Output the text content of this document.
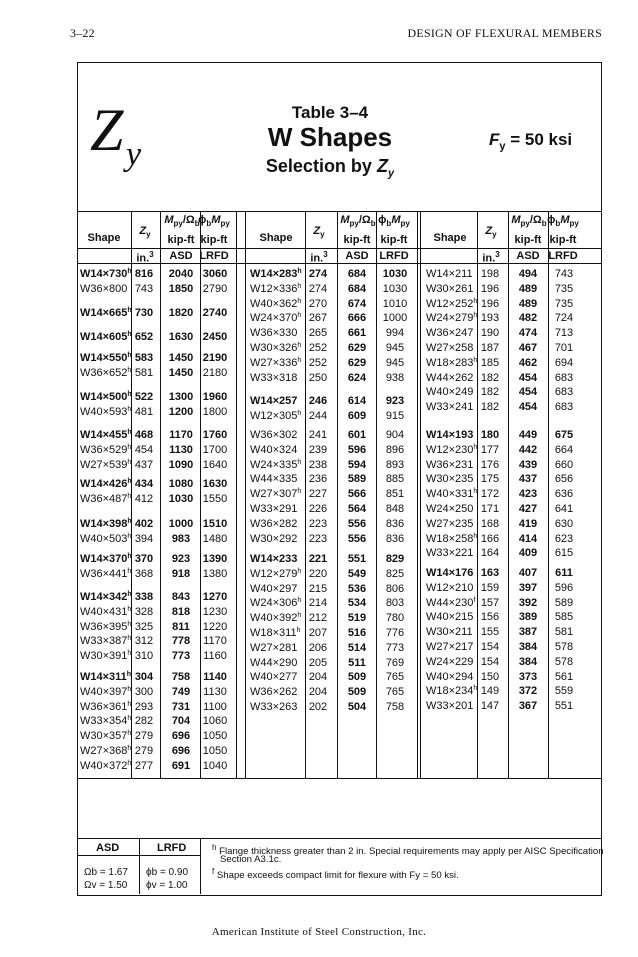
3–22	DESIGN OF FLEXURAL MEMBERS
Z y
Table 3–4
W Shapes
Selection by $Z_y$
$F_y = 50$ ksi
Shape
$Z_y$
in.$^3$
$M_{py}/\Omega_b$
$\phi_bM_{py}$
kip-ft kip-ft
ASD LRFD
Shape
$Z_y$
in.$^3$
$M_{py}/\Omega_b$ $\phi_bM_{py}$
kip-ft kip-ft
ASD LRFD
Shape
$Z_y$
in.$^3$
$M_{py}/\Omega_b$ $\phi_bM_{py}$
kip-ft kip-ft
ASD LRFD
$W14\times 730^h$ 816	2040 3060
W36×800 743	1850 2790
$W14\times 665^h$ 730	1820 2740
$W14\times 605^h$ 652	1630 2450
$W14\times 550^h$ 583	1450 2190
$W36\times 652^h$ 581	1450 2180
$W14\times 500^h$ 522	1300 1960
$W40\times 593^h$ 481	1200 1800
$W14\times 455^h$ 468	1170 1760
$W36\times 529^h$ 454	1130 1700
$W27\times 539^h$ 437	1090 1640
$W14\times 426^h$ 434	1080 1630
$W36\times 487^h$ 412	1030 1550
$W14\times 398^h$ 402	1000 1510
$W40\times 503^h$ 394	983	1480
$W14\times 370^h$ 370	923	1390
$W36\times 441^h$ 368	918	1380
$W14\times 342^h$ 338	843	1270
$W40\times 431^h$ 328	818	1230
$W36\times 395^h$ 325	811	1220
$W33\times 387^h$ 312	778	1170
$W30\times 391^h$ 310	773	1160
$W14\times 311^h$ 304	758	1140
$W40\times 397^h$ 300	749	1130
$W36\times 361^h$ 293	731	1100
$W33\times 354^h$ 282	704	1060
$W30\times 357^h$ 279	696	1050
$W27\times 368^h$ 279	696	1050
$W40\times 372^h$ 277	691	1040
$W14\times 283^h$ 274	684	1030
$W12\times 336^h$ 274	684	1030
$W40\times 362^h$ 270	674	1010
$W24\times 370^h$ 267	666	1000
W36×330	265	661	994
$W30\times 326^h$ 252	629	945
$W27\times 336^h$ 252	629	945
W33×318	250	624	938
W14×257	246	614	923
$W12\times 305^h$ 244	609	915
W36×302	241	601	904
W40×324	239	596	896
$W24\times 335^h$ 238	594	893
W44×335	236	589	885
$W27\times 307^h$ 227	566	851
W33×291	226	564	848
W36×282	223	556	836
W30×292	223	556	836
W14×233	221	551	829
$W12\times 279^h$ 220	549	825
W40×297	215	536	806
$W24\times 306^h$ 214	534	803
$W40\times 392^h$ 212	519	780
$W18\times 311^h$ 207	516	776
W27×281	206	514	773
W44×290	205	511	769
W40×277	204	509	765
W36×262	204	509	765
W33×263	202	504	758
W14×211 198	494	743
W30×261 196	489	735
$W12\times 252^h$ 196	489	735
$W24\times 279^h$ 193	482	724
W36×247 190	474	713
W27×258 187	467	701
$W18\times 283^h$ 185	462	694
W44×262 182	454	683
W40×249 182	454	683
W33×241 182	454	683
W14×193 180	449	675
$W12\times 230^h$ 177	442	664
W36×231 176	439	660
W30×235 175	437	656
$W40\times 331^h$ 172	423	636
W24×250 171	427	641
W27×235 168	419	630
$W18\times 258^h$ 166	414	623
W33×221 164	409	615
W14×176 163	407	611
W12×210 159	397	596
$W44\times 230^f$ 157	392	589
W40×215 156	389	585
W30×211 155	387	581
W27×217 154	384	578
W24×229 154	384	578
W40×294 150	373	561
$W18\times 234^h$ 149	372	559
W33×201 147	367	551
ASD	LRFD
Ωb = 1.67
Ωv = 1.50
ϕb = 0.90
ϕv = 1.00
$^h$ Flange thickness greater than 2 in. Special requirements may apply per AISC Specification
Section A3.1c.
$^f$ Shape exceeds compact limit for flexure with Fy = 50 ksi.
American Institute of Steel Construction, Inc.
